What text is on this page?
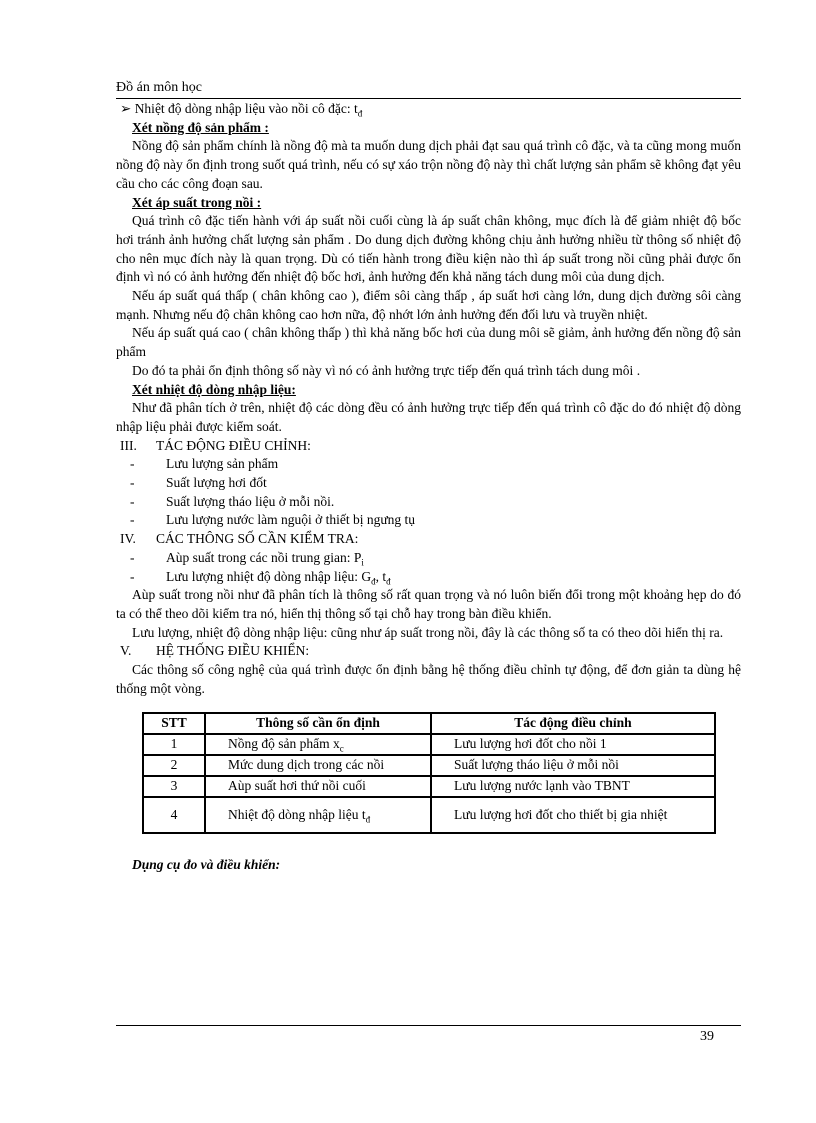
Đồ án môn học
➢ Nhiệt độ dòng nhập liệu vào nồi cô đặc: $t_đ$
Xét nồng độ sản phẩm :

Nồng độ sản phẩm chính là nồng độ mà ta muốn dung dịch phải đạt sau quá trình cô đặc, và ta cũng mong muốn nồng độ này ổn định trong suốt quá trình, nếu có sự xáo trộn nồng độ này thì chất lượng sản phẩm sẽ không đạt yêu cầu cho các công đoạn sau.

Xét áp suất trong nồi :

Quá trình cô đặc tiến hành với áp suất nồi cuối cùng là áp suất chân không, mục đích là để giảm nhiệt độ bốc hơi tránh ảnh hưởng chất lượng sản phẩm . Do dung dịch đường không chịu ảnh hưởng nhiều từ thông số nhiệt độ cho nên mục đích này là quan trọng. Dù có tiến hành trong điều kiện nào thì áp suất trong nồi cũng phải được ổn định vì nó có ảnh hưởng đến nhiệt độ bốc hơi, ảnh hưởng đến khả năng tách dung môi của dung dịch.

Nếu áp suất quá thấp ( chân không cao ), điểm sôi càng thấp , áp suất hơi càng lớn, dung dịch đường sôi càng mạnh. Nhưng nếu độ chân không cao hơn nữa, độ nhớt lớn ảnh hưởng đến đối lưu và truyền nhiệt.

Nếu áp suất quá cao ( chân không thấp ) thì khả năng bốc hơi của dung môi sẽ giảm, ảnh hưởng đến nồng độ sản phẩm

Do đó ta phải ổn định thông số này vì nó có ảnh hưởng trực tiếp đến quá trình tách dung môi .

Xét nhiệt độ dòng nhập liệu:

Như đã phân tích ở trên, nhiệt độ các dòng đều có ảnh hưởng trực tiếp đến quá trình cô đặc do đó nhiệt độ dòng nhập liệu phải được kiểm soát.

III. TÁC ĐỘNG ĐIỀU CHỈNH:
- Lưu lượng sản phẩm
- Suất lượng hơi đốt
- Suất lượng tháo liệu ở mỗi nồi.
- Lưu lượng nước làm nguội ở thiết bị ngưng tụ
IV. CÁC THÔNG SỐ CẦN KIỂM TRA:
- Aùp suất trong các nồi trung gian: $P_i$
- Lưu lượng nhiệt độ dòng nhập liệu: $G_đ$, $t_đ$

Aùp suất trong nồi như đã phân tích là thông số rất quan trọng và nó luôn biến đổi trong một khoảng hẹp do đó ta có thể theo dõi kiểm tra nó, hiển thị thông số tại chỗ hay trong bàn điều khiển.

Lưu lượng, nhiệt độ dòng nhập liệu: cũng như áp suất trong nồi, đây là các thông số ta có theo dõi hiển thị ra.

V. HỆ THỐNG ĐIỀU KHIỂN:

Các thông số công nghệ của quá trình được ổn định bằng hệ thống điều chỉnh tự động, để đơn giản ta dùng hệ thống một vòng.

STT	Thông số cần ổn định	Tác động điều chỉnh
1	Nồng độ sản phẩm $x_c$	Lưu lượng hơi đốt cho nồi 1
2	Mức dung dịch trong các nồi	Suất lượng tháo liệu ở mỗi nồi
3	Aùp suất hơi thứ nồi cuối	Lưu lượng nước lạnh vào TBNT
4	Nhiệt độ dòng nhập liệu $t_đ$	Lưu lượng hơi đốt cho thiết bị gia nhiệt
Dụng cụ đo và điều khiển:
39
